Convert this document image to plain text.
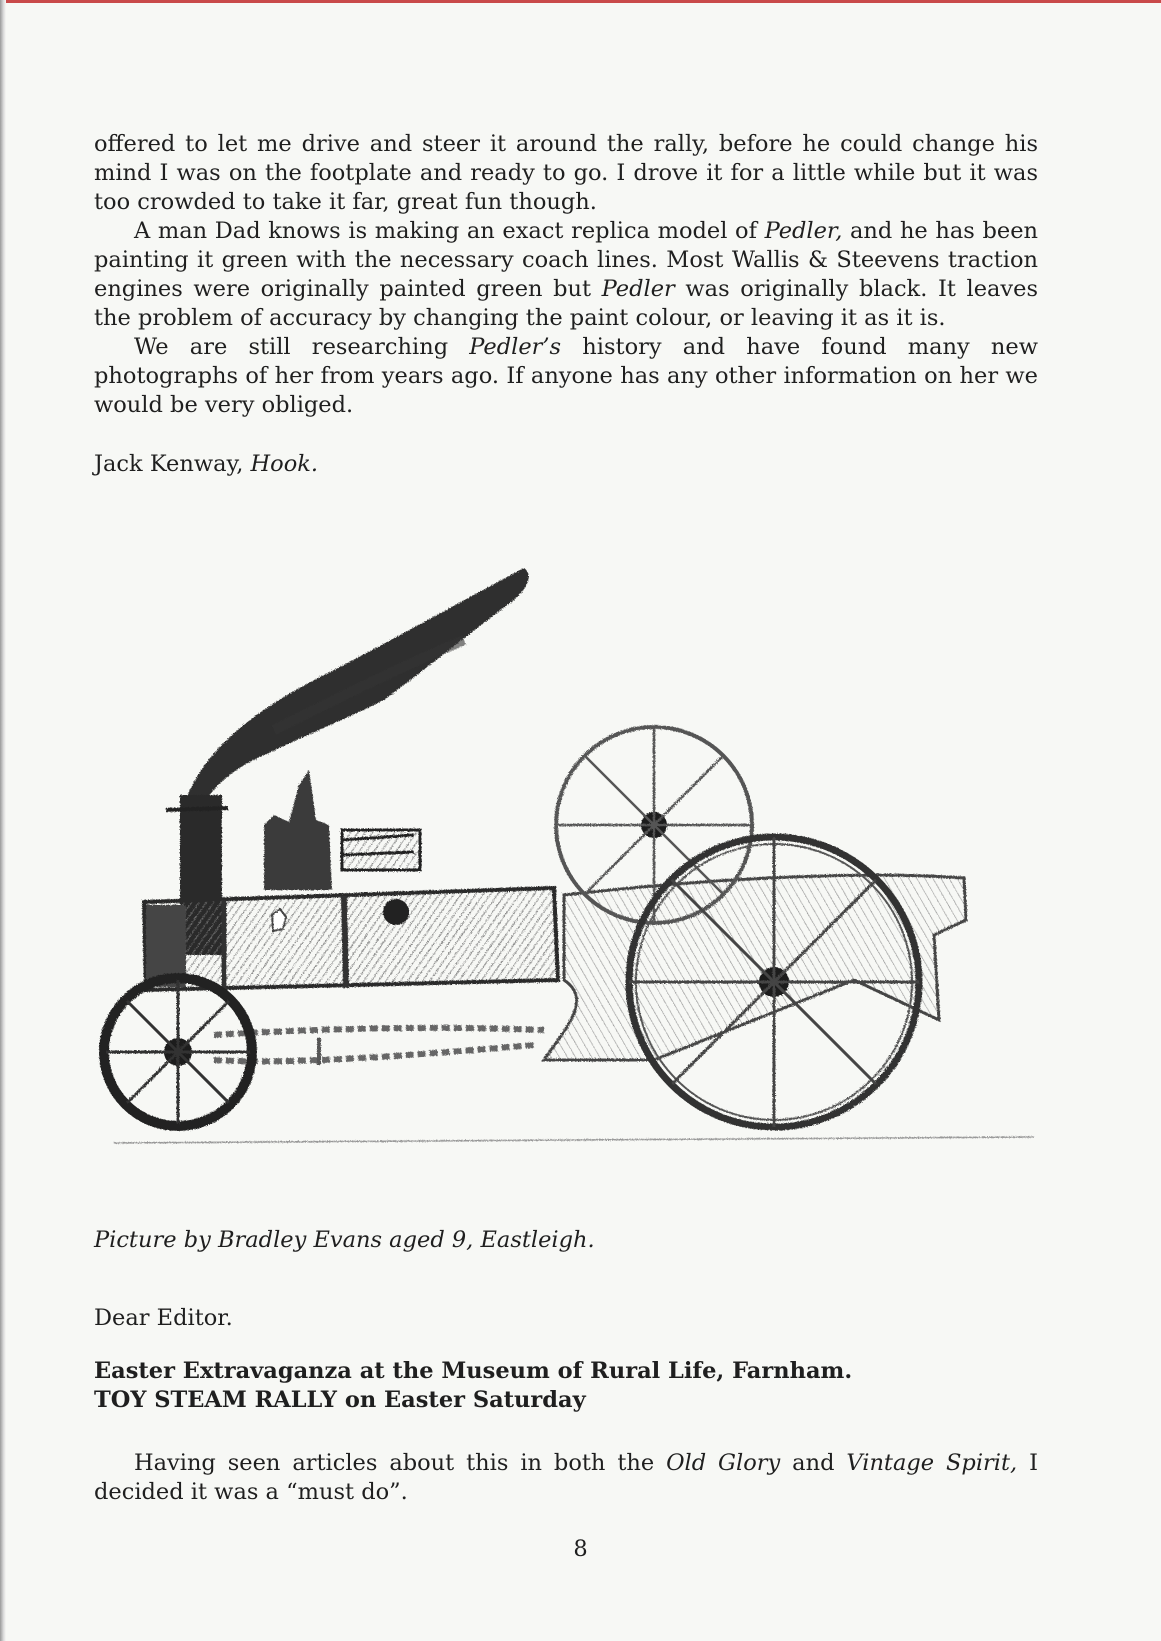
offered to let me drive and steer it around the rally, before he could change his mind I was on the footplate and ready to go. I drove it for a little while but it was too crowded to take it far, great fun though.

A man Dad knows is making an exact replica model of Pedler, and he has been painting it green with the necessary coach lines. Most Wallis & Steevens traction engines were originally painted green but Pedler was originally black. It leaves the problem of accuracy by changing the paint colour, or leaving it as it is.

We are still researching Pedler’s history and have found many new photographs of her from years ago. If anyone has any other information on her we would be very obliged.

Jack Kenway, Hook.

Picture by Bradley Evans aged 9, Eastleigh.
Dear Editor.
Easter Extravaganza at the Museum of Rural Life, Farnham.
TOY STEAM RALLY on Easter Saturday

Having seen articles about this in both the Old Glory and Vintage Spirit, I decided it was a “must do”.

8
